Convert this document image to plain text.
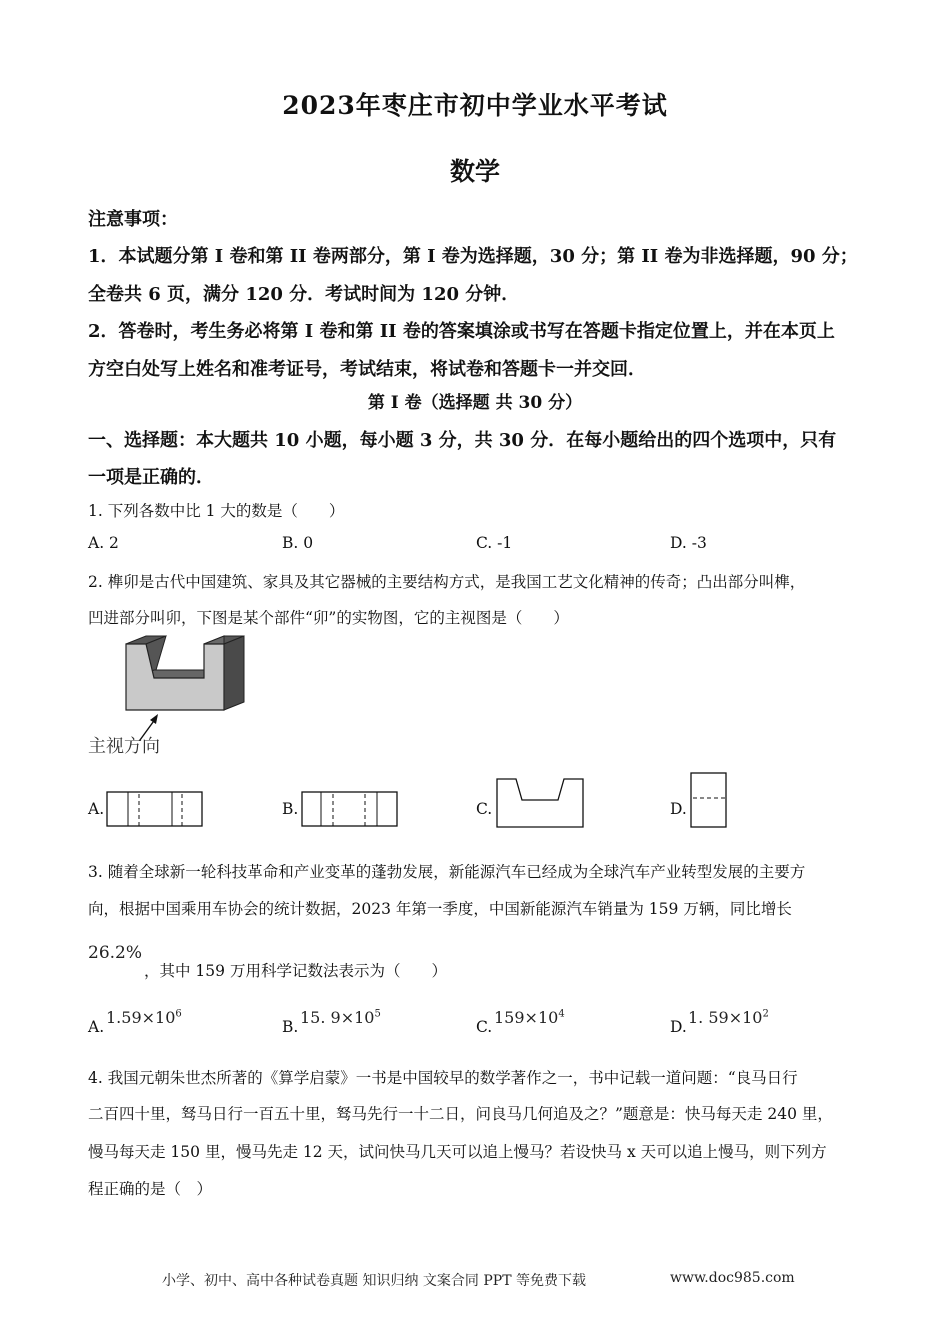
2023年枣庄市初中学业水平考试
数学
注意事项：
1．本试题分第 I 卷和第 II 卷两部分，第 I 卷为选择题，30 分；第 II 卷为非选择题，90 分；
全卷共 6 页，满分 120 分．考试时间为 120 分钟．
2．答卷时，考生务必将第 I 卷和第 II 卷的答案填涂或书写在答题卡指定位置上，并在本页上
方空白处写上姓名和准考证号，考试结束，将试卷和答题卡一并交回．
第 I 卷（选择题 共 30 分）
一、选择题：本大题共 10 小题，每小题 3 分，共 30 分．在每小题给出的四个选项中，只有
一项是正确的．
1. 下列各数中比 1 大的数是（　　）
A. 2	B. 0	C. -1	D. -3
2. 榫卯是古代中国建筑、家具及其它器械的主要结构方式，是我国工艺文化精神的传奇；凸出部分叫榫，
凹进部分叫卯，下图是某个部件“卯”的实物图，它的主视图是（　　）
主视方向
A.	B.	C.	D.
3. 随着全球新一轮科技革命和产业变革的蓬勃发展，新能源汽车已经成为全球汽车产业转型发展的主要方
向，根据中国乘用车协会的统计数据，2023 年第一季度，中国新能源汽车销量为 159 万辆，同比增长
26.2%
，其中 159 万用科学记数法表示为（　　）
A. $1.59\times 10^6$
B. 15. $9\times 10^5$
C. $159\times 10^4$
D. 1. $59\times 10^2$
4. 我国元朝朱世杰所著的《算学启蒙》一书是中国较早的数学著作之一，书中记载一道问题：“良马日行
二百四十里，驽马日行一百五十里，驽马先行一十二日，问良马几何追及之？”题意是：快马每天走 240 里，
慢马每天走 150 里，慢马先走 12 天，试问快马几天可以追上慢马？若设快马 x 天可以追上慢马，则下列方
程正确的是（　）
小学、初中、高中各种试卷真题 知识归纳 文案合同 PPT 等免费下载	www.doc985.com
